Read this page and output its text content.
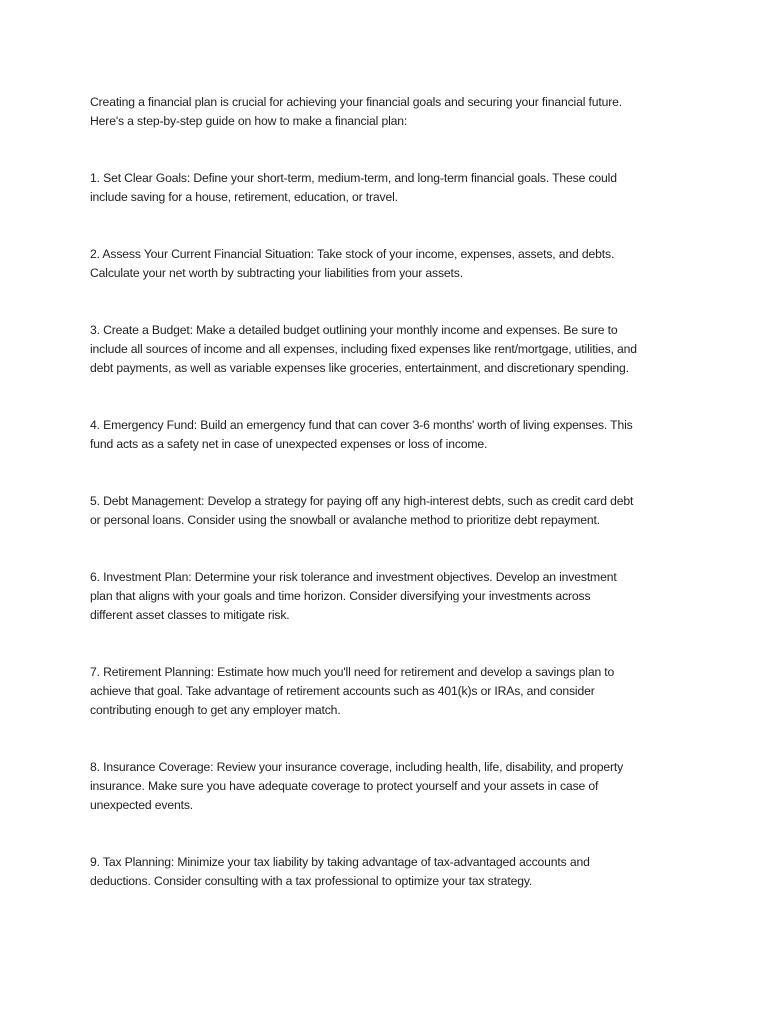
Creating a financial plan is crucial for achieving your financial goals and securing your financial future.
Here's a step-by-step guide on how to make a financial plan:

1. Set Clear Goals: Define your short-term, medium-term, and long-term financial goals. These could
include saving for a house, retirement, education, or travel.

2. Assess Your Current Financial Situation: Take stock of your income, expenses, assets, and debts.
Calculate your net worth by subtracting your liabilities from your assets.

3. Create a Budget: Make a detailed budget outlining your monthly income and expenses. Be sure to
include all sources of income and all expenses, including fixed expenses like rent/mortgage, utilities, and
debt payments, as well as variable expenses like groceries, entertainment, and discretionary spending.

4. Emergency Fund: Build an emergency fund that can cover 3-6 months' worth of living expenses. This
fund acts as a safety net in case of unexpected expenses or loss of income.

5. Debt Management: Develop a strategy for paying off any high-interest debts, such as credit card debt
or personal loans. Consider using the snowball or avalanche method to prioritize debt repayment.

6. Investment Plan: Determine your risk tolerance and investment objectives. Develop an investment
plan that aligns with your goals and time horizon. Consider diversifying your investments across
different asset classes to mitigate risk.

7. Retirement Planning: Estimate how much you'll need for retirement and develop a savings plan to
achieve that goal. Take advantage of retirement accounts such as 401(k)s or IRAs, and consider
contributing enough to get any employer match.

8. Insurance Coverage: Review your insurance coverage, including health, life, disability, and property
insurance. Make sure you have adequate coverage to protect yourself and your assets in case of
unexpected events.

9. Tax Planning: Minimize your tax liability by taking advantage of tax-advantaged accounts and
deductions. Consider consulting with a tax professional to optimize your tax strategy.
